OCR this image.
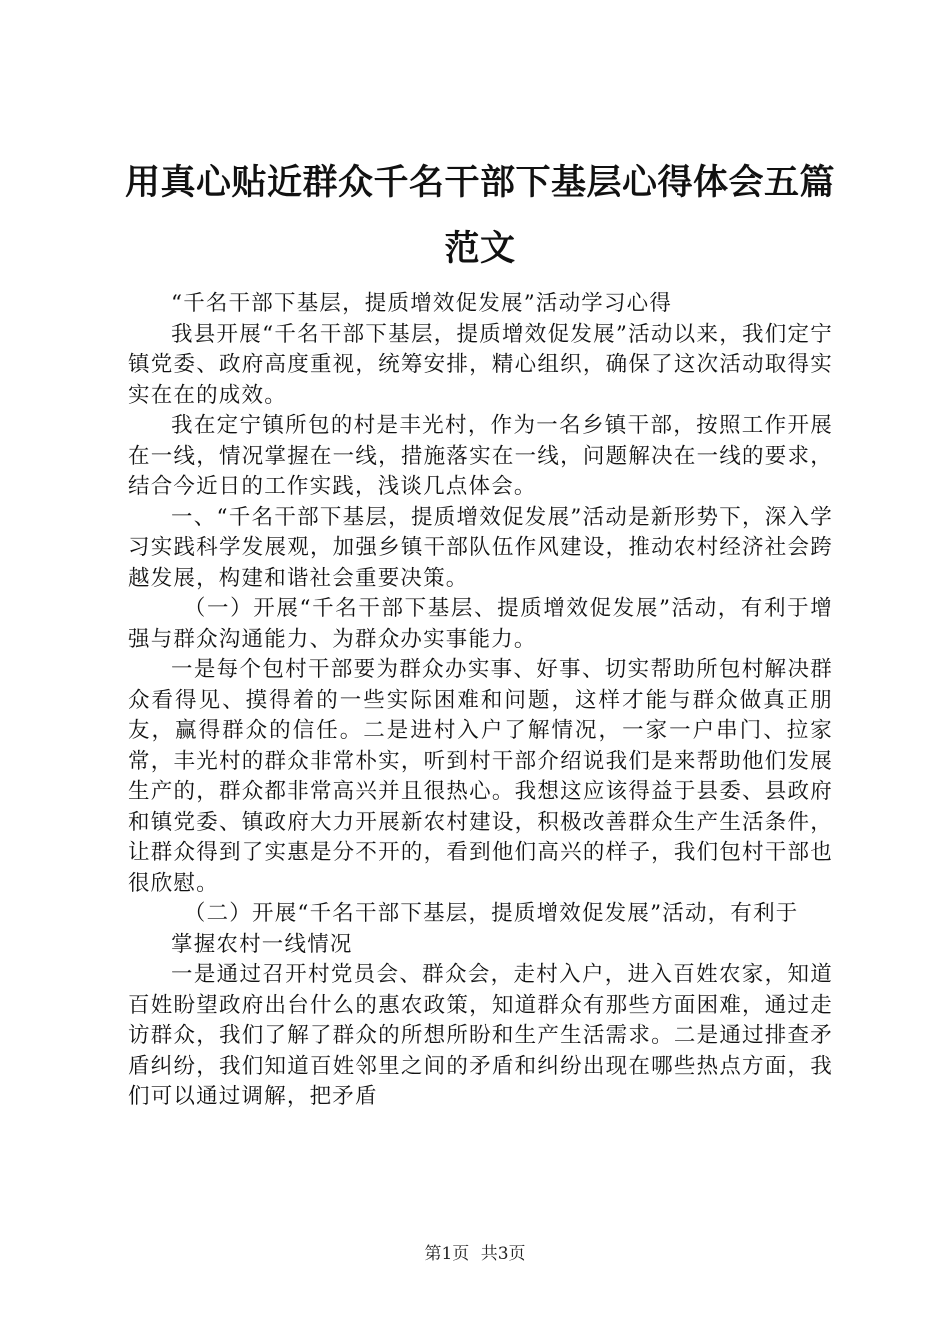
用真心贴近群众千名干部下基层心得体会五篇范文

“千名干部下基层，提质增效促发展”活动学习心得

我县开展“千名干部下基层，提质增效促发展”活动以来，我们定宁镇党委、政府高度重视，统筹安排，精心组织，确保了这次活动取得实实在在的成效。

我在定宁镇所包的村是丰光村，作为一名乡镇干部，按照工作开展在一线，情况掌握在一线，措施落实在一线，问题解决在一线的要求，结合今近日的工作实践，浅谈几点体会。

一、“千名干部下基层，提质增效促发展”活动是新形势下，深入学习实践科学发展观，加强乡镇干部队伍作风建设，推动农村经济社会跨越发展，构建和谐社会重要决策。

（一）开展“千名干部下基层、提质增效促发展”活动，有利于增强与群众沟通能力、为群众办实事能力。

一是每个包村干部要为群众办实事、好事、切实帮助所包村解决群众看得见、摸得着的一些实际困难和问题，这样才能与群众做真正朋友，赢得群众的信任。二是进村入户了解情况，一家一户串门、拉家常，丰光村的群众非常朴实，听到村干部介绍说我们是来帮助他们发展生产的，群众都非常高兴并且很热心。我想这应该得益于县委、县政府和镇党委、镇政府大力开展新农村建设，积极改善群众生产生活条件，让群众得到了实惠是分不开的，看到他们高兴的样子，我们包村干部也很欣慰。

（二）开展“千名干部下基层，提质增效促发展”活动，有利于

掌握农村一线情况

一是通过召开村党员会、群众会，走村入户，进入百姓农家，知道百姓盼望政府出台什么的惠农政策，知道群众有那些方面困难，通过走访群众，我们了解了群众的所想所盼和生产生活需求。二是通过排查矛盾纠纷，我们知道百姓邻里之间的矛盾和纠纷出现在哪些热点方面，我们可以通过调解，把矛盾

第1页 共3页
